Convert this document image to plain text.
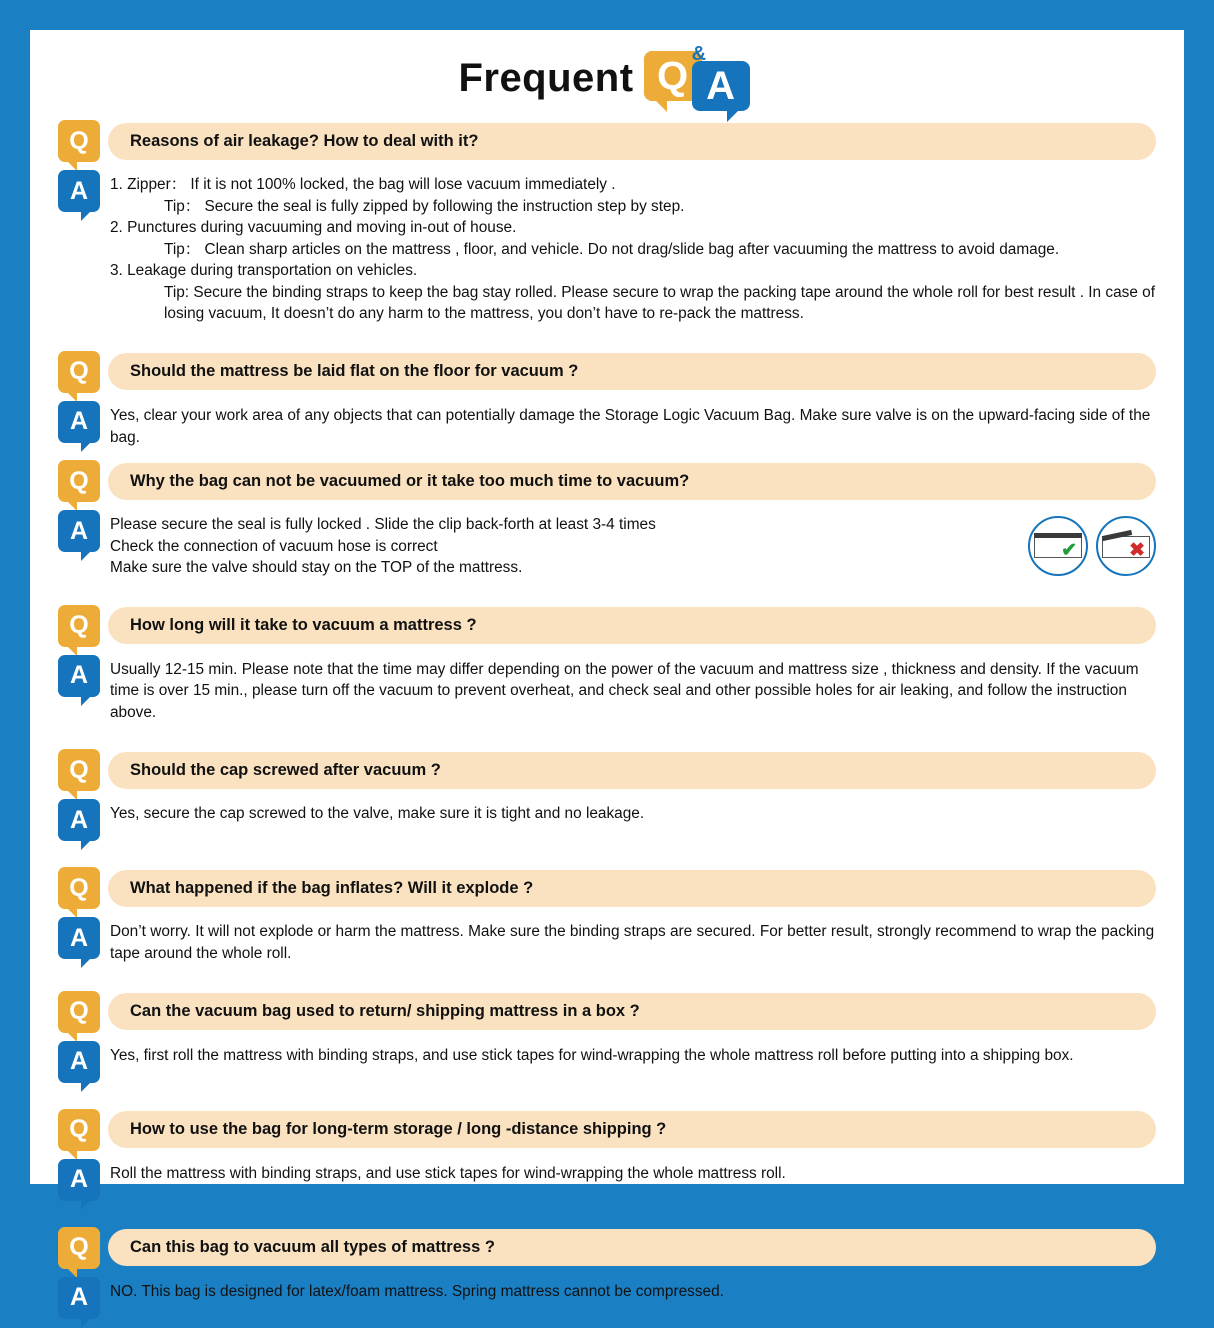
Frequent Q &
A
Q	Reasons of air leakage? How to deal with it?
A	1. Zipper： If it is not 100% locked, the bag will lose vacuum immediately .
Tip： Secure the seal is fully zipped by following the instruction step by step.
2. Punctures during vacuuming and moving in-out of house.
Tip： Clean sharp articles on the mattress , floor, and vehicle. Do not drag/slide bag after vacuuming the mattress to avoid damage.
3. Leakage during transportation on vehicles.
Tip: Secure the binding straps to keep the bag stay rolled. Please secure to wrap the packing tape around the whole roll for best result . In case of losing vacuum, It doesn’t do any harm to the mattress, you don’t have to re-pack the mattress.
Q	Should the mattress be laid flat on the floor for vacuum ?
A	Yes, clear your work area of any objects that can potentially damage the Storage Logic Vacuum Bag. Make sure valve is on the upward-facing side of the bag.
Q	Why the bag can not be vacuumed or it take too much time to vacuum?
A	Please secure the seal is fully locked . Slide the clip back-forth at least 3-4 times
Check the connection of vacuum hose is correct
Make sure the valve should stay on the TOP of the mattress.
✔	✖
Q	How long will it take to vacuum a mattress ?
A	Usually 12-15 min. Please note that the time may differ depending on the power of the vacuum and mattress size , thickness and density. If the vacuum time is over 15 min., please turn off the vacuum to prevent overheat, and check seal and other possible holes for air leaking, and follow the instruction above.
Q	Should the cap screwed after vacuum ?
A	Yes, secure the cap screwed to the valve, make sure it is tight and no leakage.
Q	What happened if the bag inflates? Will it explode ?
A	Don’t worry. It will not explode or harm the mattress. Make sure the binding straps are secured. For better result, strongly recommend to wrap the packing tape around the whole roll.
Q	Can the vacuum bag used to return/ shipping mattress in a box ?
A	Yes, first roll the mattress with binding straps, and use stick tapes for wind-wrapping the whole mattress roll before putting into a shipping box.
Q	How to use the bag for long-term storage / long -distance shipping ?
A	Roll the mattress with binding straps, and use stick tapes for wind-wrapping the whole mattress roll.
Q	Can this bag to vacuum all types of mattress ?
A	NO. This bag is designed for latex/foam mattress. Spring mattress cannot be compressed.
